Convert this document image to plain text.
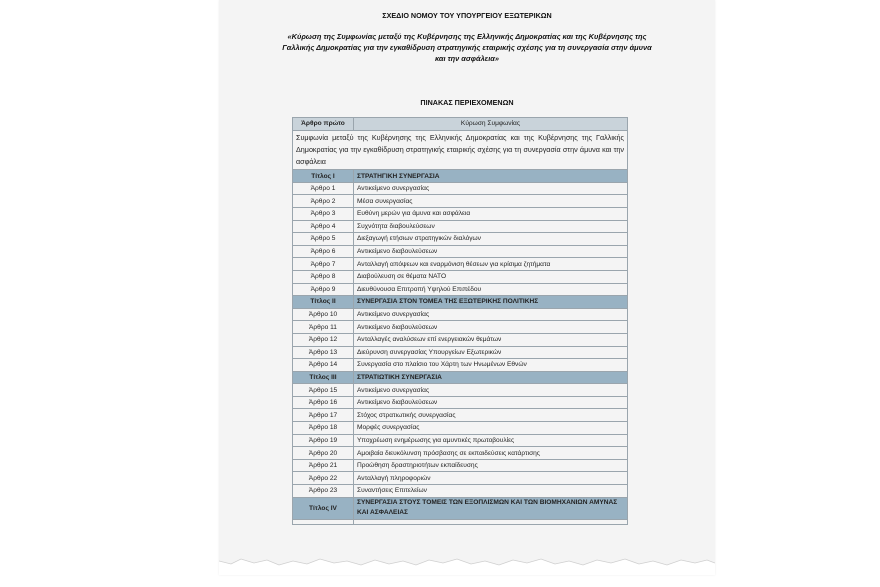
ΣΧΕΔΙΟ ΝΟΜΟΥ ΤΟΥ ΥΠΟΥΡΓΕΙΟΥ ΕΞΩΤΕΡΙΚΩΝ
«Κύρωση της Συμφωνίας μεταξύ της Κυβέρνησης της Ελληνικής Δημοκρατίας και της Κυβέρνησης της Γαλλικής Δημοκρατίας για την εγκαθίδρυση στρατηγικής εταιρικής σχέσης για τη συνεργασία στην άμυνα και την ασφάλεια»
ΠΙΝΑΚΑΣ ΠΕΡΙΕΧΟΜΕΝΩΝ
Άρθρο πρώτο	Κύρωση Συμφωνίας
Συμφωνία μεταξύ της Κυβέρνησης της Ελληνικής Δημοκρατίας και της Κυβέρνησης της Γαλλικής Δημοκρατίας για την εγκαθίδρυση στρατηγικής εταιρικής σχέσης για τη συνεργασία στην άμυνα και την ασφάλεια	
Τίτλος Ι	ΣΤΡΑΤΗΓΙΚΗ ΣΥΝΕΡΓΑΣΙΑ
Άρθρο 1	Αντικείμενο συνεργασίας
Άρθρο 2	Μέσα συνεργασίας
Άρθρο 3	Ευθύνη μερών για άμυνα και ασφάλεια
Άρθρο 4	Συχνότητα διαβουλεύσεων
Άρθρο 5	Διεξαγωγή ετήσιων στρατηγικών διαλόγων
Άρθρο 6	Αντικείμενο διαβουλεύσεων
Άρθρο 7	Ανταλλαγή απόψεων και εναρμόνιση θέσεων για κρίσιμα ζητήματα
Άρθρο 8	Διαβούλευση σε θέματα ΝΑΤΟ
Άρθρο 9	Διευθύνουσα Επιτροπή Υψηλού Επιπέδου
Τίτλος ΙΙ	ΣΥΝΕΡΓΑΣΙΑ ΣΤΟΝ ΤΟΜΕΑ ΤΗΣ ΕΞΩΤΕΡΙΚΗΣ ΠΟΛΙΤΙΚΗΣ
Άρθρο 10	Αντικείμενο συνεργασίας
Άρθρο 11	Αντικείμενο διαβουλεύσεων
Άρθρο 12	Ανταλλαγές αναλύσεων επί ενεργειακών θεμάτων
Άρθρο 13	Διεύρυνση συνεργασίας Υπουργείων Εξωτερικών
Άρθρο 14	Συνεργασία στο πλαίσιο του Χάρτη των Ηνωμένων Εθνών
Τίτλος ΙΙΙ	ΣΤΡΑΤΙΩΤΙΚΗ ΣΥΝΕΡΓΑΣΙΑ
Άρθρο 15	Αντικείμενο συνεργασίας
Άρθρο 16	Αντικείμενο διαβουλεύσεων
Άρθρο 17	Στόχος στρατιωτικής συνεργασίας
Άρθρο 18	Μορφές συνεργασίας
Άρθρο 19	Υποχρέωση ενημέρωσης για αμυντικές πρωτοβουλίες
Άρθρο 20	Αμοιβαία διευκόλυνση πρόσβασης σε εκπαιδεύσεις κατάρτισης
Άρθρο 21	Προώθηση δραστηριοτήτων εκπαίδευσης
Άρθρο 22	Ανταλλαγή πληροφοριών
Άρθρο 23	Συναντήσεις Επιτελείων
Τίτλος ΙV	ΣΥΝΕΡΓΑΣΙΑ ΣΤΟΥΣ ΤΟΜΕΙΣ ΤΩΝ ΕΞΟΠΛΙΣΜΩΝ ΚΑΙ ΤΩΝ ΒΙΟΜΗΧΑΝΙΩΝ ΑΜΥΝΑΣ ΚΑΙ ΑΣΦΑΛΕΙΑΣ
